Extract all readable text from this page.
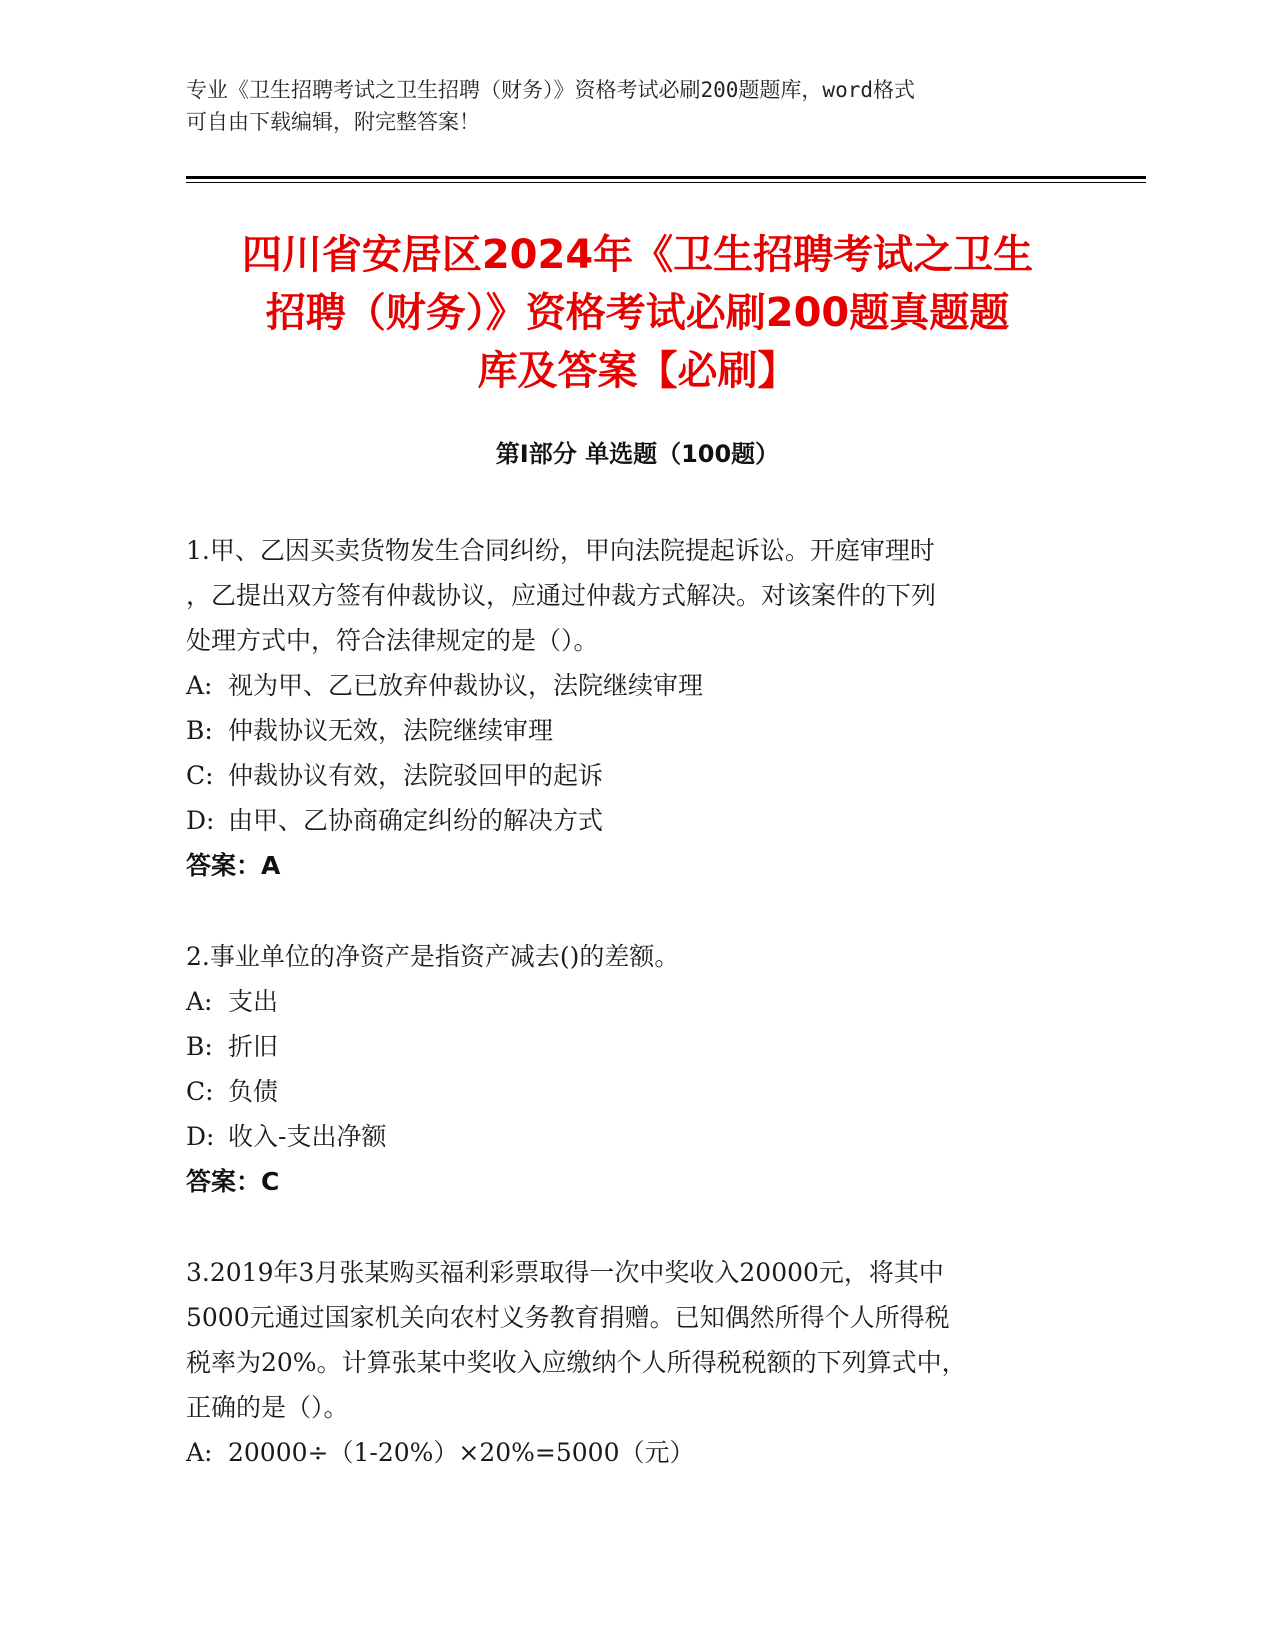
专业《卫生招聘考试之卫生招聘（财务）》资格考试必刷200题题库，word格式

可自由下载编辑，附完整答案！

四川省安居区2024年《卫生招聘考试之卫生
招聘（财务）》资格考试必刷200题真题题
库及答案【必刷】
第I部分 单选题（100题）
1.甲、乙因买卖货物发生合同纠纷，甲向法院提起诉讼。开庭审理时
，乙提出双方签有仲裁协议，应通过仲裁方式解决。对该案件的下列
处理方式中，符合法律规定的是（）。

A: 视为甲、乙已放弃仲裁协议，法院继续审理

B: 仲裁协议无效，法院继续审理

C: 仲裁协议有效，法院驳回甲的起诉

D: 由甲、乙协商确定纠纷的解决方式

答案：A

2.事业单位的净资产是指资产减去()的差额。

A: 支出

B: 折旧

C: 负债

D: 收入-支出净额

答案：C

3.2019年3月张某购买福利彩票取得一次中奖收入20000元，将其中
5000元通过国家机关向农村义务教育捐赠。已知偶然所得个人所得税
税率为20%。计算张某中奖收入应缴纳个人所得税税额的下列算式中，
正确的是（）。

A: 20000÷（1-20%）×20%=5000（元）
